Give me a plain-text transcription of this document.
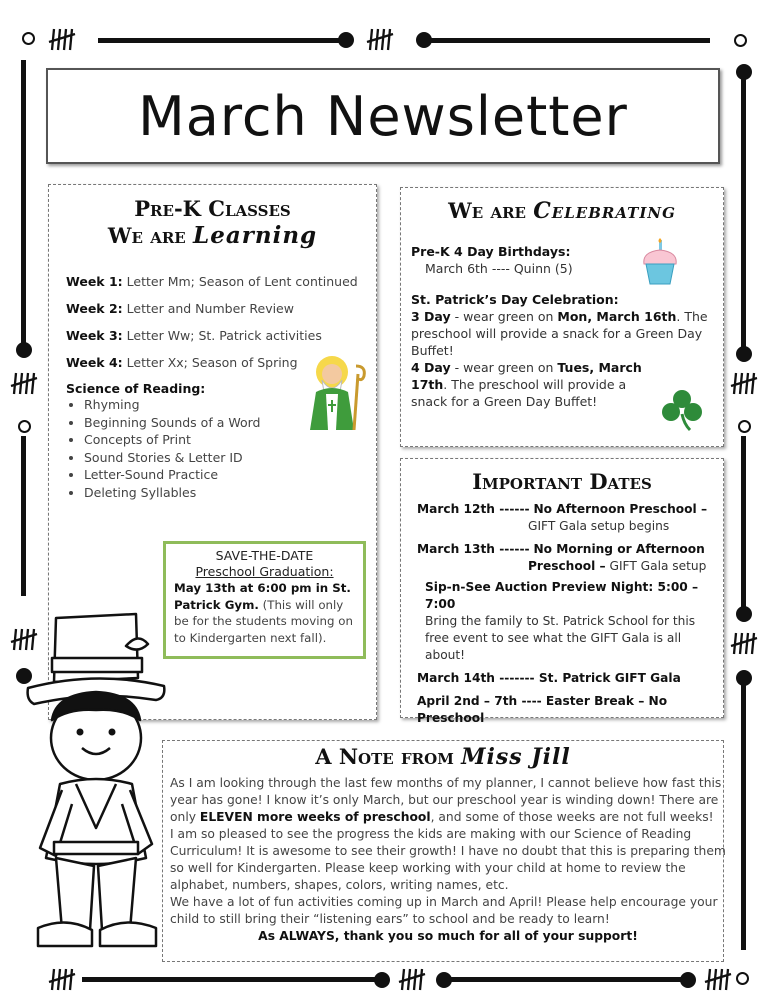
March Newsletter
Pre-K Classes
We are Learning
Week 1: Letter Mm; Season of Lent continued
Week 2: Letter and Number Review
Week 3: Letter Ww; St. Patrick activities
Week 4: Letter Xx; Season of Spring
Science of Reading:
• Rhyming
• Beginning Sounds of a Word
• Concepts of Print
• Sound Stories & Letter ID
• Letter-Sound Practice
• Deleting Syllables
SAVE-THE-DATE
Preschool Graduation:
May 13th at 6:00 pm in St. Patrick Gym. (This will only be for the students moving on to Kindergarten next fall).
We are Celebrating
Pre-K 4 Day Birthdays:
March 6th ---- Quinn (5)
St. Patrick’s Day Celebration:
3 Day - wear green on Mon, March 16th. The preschool will provide a snack for a Green Day Buffet!
4 Day - wear green on Tues, March 17th. The preschool will provide a snack for a Green Day Buffet!
Important Dates
March 12th ------ No Afternoon Preschool –
GIFT Gala setup begins
March 13th ------ No Morning or Afternoon
Preschool – GIFT Gala setup
Sip-n-See Auction Preview Night: 5:00 – 7:00
Bring the family to St. Patrick School for this free event to see what the GIFT Gala is all about!
March 14th ------- St. Patrick GIFT Gala
April 2nd – 7th ---- Easter Break – No Preschool
A Note from Miss Jill
As I am looking through the last few months of my planner, I cannot believe how fast this year has gone! I know it’s only March, but our preschool year is winding down! There are only ELEVEN more weeks of preschool, and some of those weeks are not full weeks!
I am so pleased to see the progress the kids are making with our Science of Reading Curriculum! It is awesome to see their growth! I have no doubt that this is preparing them so well for Kindergarten. Please keep working with your child at home to review the alphabet, numbers, shapes, colors, writing names, etc.
We have a lot of fun activities coming up in March and April! Please help encourage your child to still bring their “listening ears” to school and be ready to learn!
As ALWAYS, thank you so much for all of your support!
